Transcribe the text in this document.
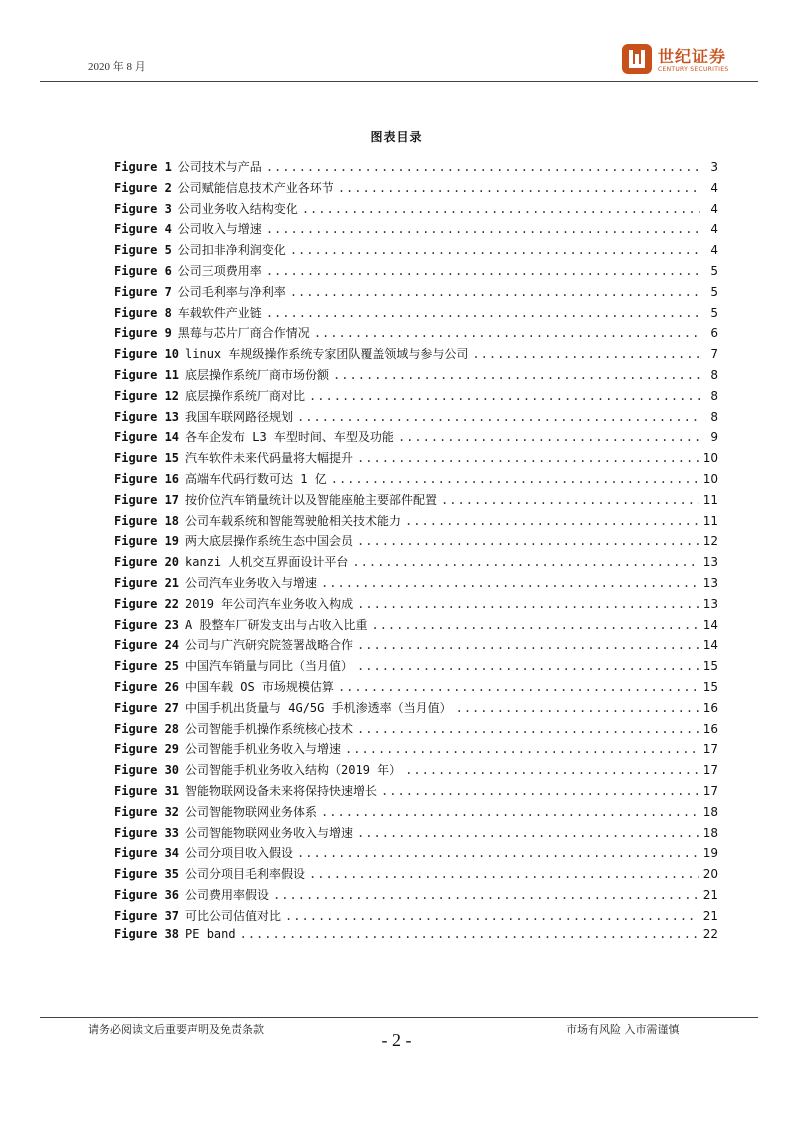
2020 年 8 月
世纪证券
CENTURY SECURITIES
图表目录
Figure 1 公司技术与产品 .....	3
Figure 2 公司赋能信息技术产业各环节 .....	4
Figure 3 公司业务收入结构变化 .....	4
Figure 4 公司收入与增速 .....	4
Figure 5 公司扣非净利润变化 .....	4
Figure 6 公司三项费用率 .....	5
Figure 7 公司毛利率与净利率 .....	5
Figure 8 车载软件产业链 .....	5
Figure 9 黑莓与芯片厂商合作情况 .....	6
Figure 10 linux 车规级操作系统专家团队覆盖领域与参与公司 .....	7
Figure 11 底层操作系统厂商市场份额 .....	8
Figure 12 底层操作系统厂商对比 .....	8
Figure 13 我国车联网路径规划 .....	8
Figure 14 各车企发布 L3 车型时间、车型及功能 .....	9
Figure 15 汽车软件未来代码量将大幅提升 .....	10
Figure 16 高端车代码行数可达 1 亿 .....	10
Figure 17 按价位汽车销量统计以及智能座舱主要部件配置 .....	11
Figure 18 公司车载系统和智能驾驶舱相关技术能力 .....	11
Figure 19 两大底层操作系统生态中国会员 .....	12
Figure 20 kanzi 人机交互界面设计平台 .....	13
Figure 21 公司汽车业务收入与增速 .....	13
Figure 22 2019 年公司汽车业务收入构成 .....	13
Figure 23 A 股整车厂研发支出与占收入比重 .....	14
Figure 24 公司与广汽研究院签署战略合作 .....	14
Figure 25 中国汽车销量与同比（当月值） .....	15
Figure 26 中国车载 OS 市场规模估算 .....	15
Figure 27 中国手机出货量与 4G/5G 手机渗透率（当月值） .....	16
Figure 28 公司智能手机操作系统核心技术 .....	16
Figure 29 公司智能手机业务收入与增速 .....	17
Figure 30 公司智能手机业务收入结构（2019 年） .....	17
Figure 31 智能物联网设备未来将保持快速增长 .....	17
Figure 32 公司智能物联网业务体系 .....	18
Figure 33 公司智能物联网业务收入与增速 .....	18
Figure 34 公司分项目收入假设 .....	19
Figure 35 公司分项目毛利率假设 .....	20
Figure 36 公司费用率假设 .....	21
Figure 37 可比公司估值对比 .....	21
Figure 38 PE band .....	22
请务必阅读文后重要声明及免责条款
- 2 -
市场有风险 入市需谨慎
